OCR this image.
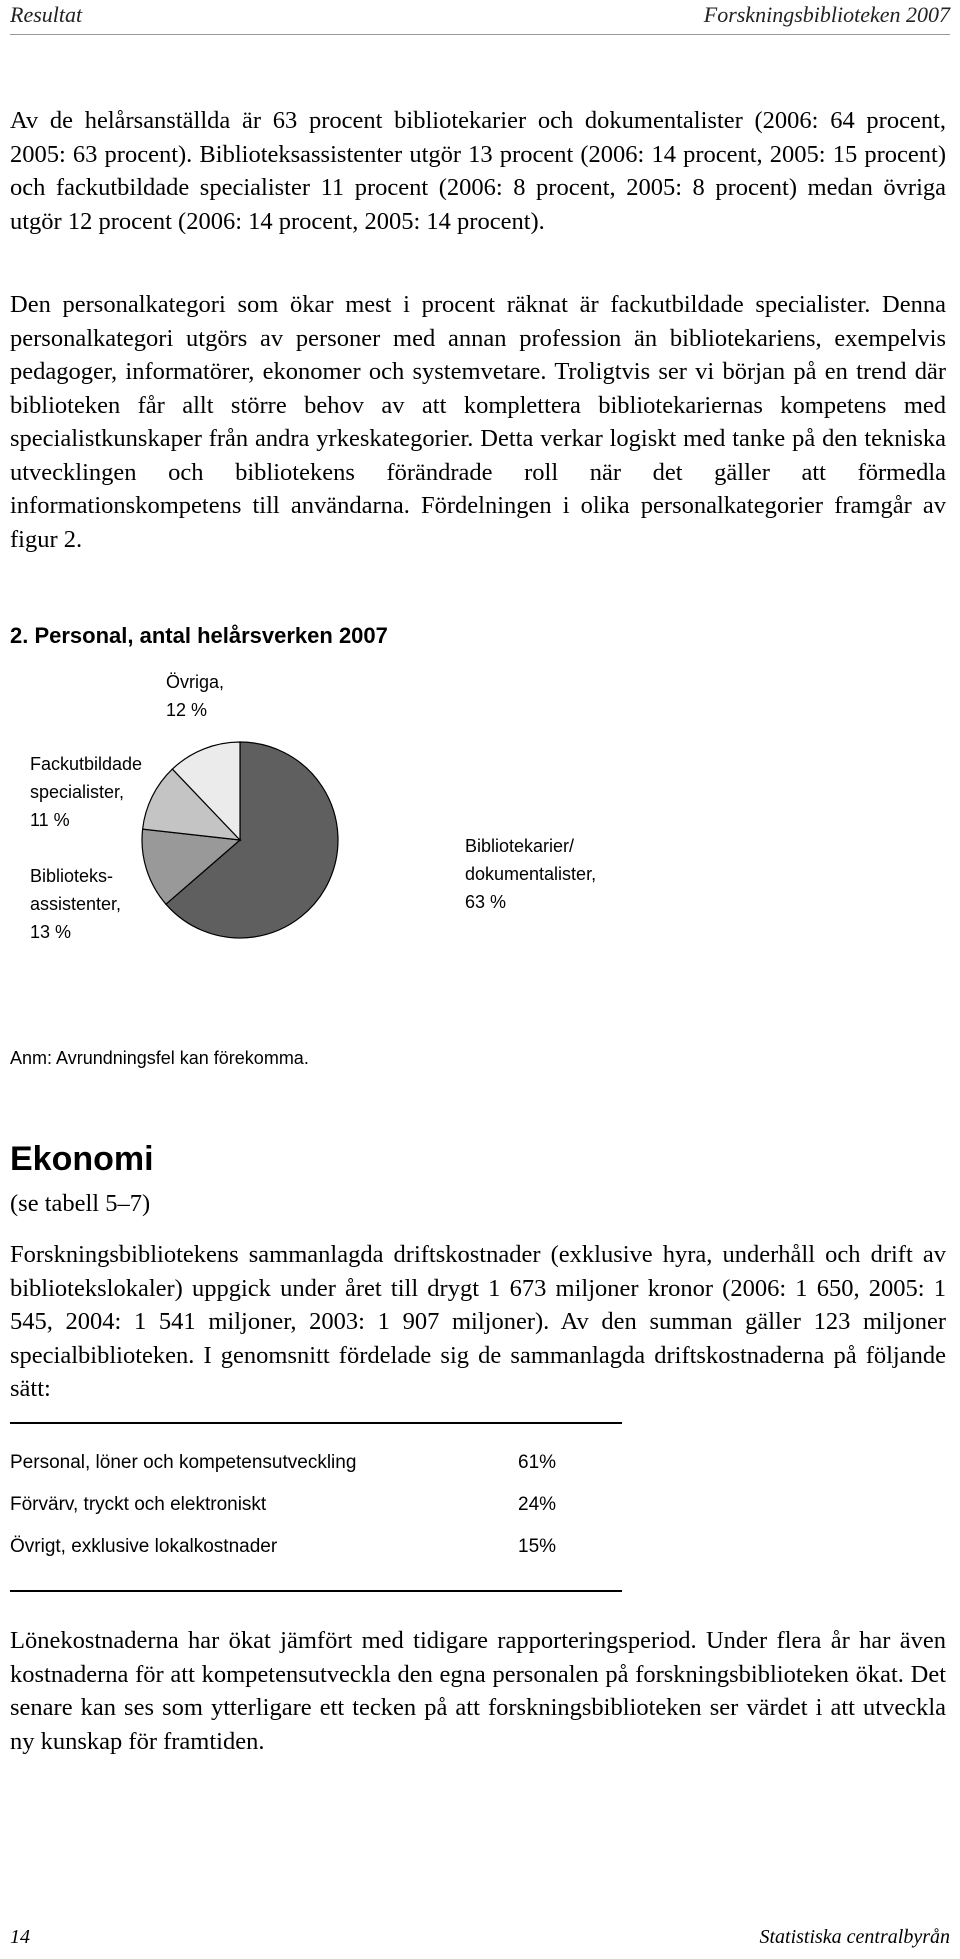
Resultat	Forskningsbiblioteken 2007

Av de helårsanställda är 63 procent bibliotekarier och dokumentalister (2006: 64 procent, 2005: 63 procent). Biblioteksassistenter utgör 13 procent (2006: 14 procent, 2005: 15 procent) och fackutbildade specialister 11 procent (2006: 8 procent, 2005: 8 procent) medan övriga utgör 12 procent (2006: 14 procent, 2005: 14 procent).

Den personalkategori som ökar mest i procent räknat är fackutbildade specialister. Denna personalkategori utgörs av personer med annan profession än bibliotekariens, exempelvis pedagoger, informatörer, ekonomer och systemvetare. Troligtvis ser vi början på en trend där biblioteken får allt större behov av att komplettera bibliotekariernas kompetens med specialistkunskaper från andra yrkeskategorier. Detta verkar logiskt med tanke på den tekniska utvecklingen och bibliotekens förändrade roll när det gäller att förmedla informationskompetens till användarna. Fördelningen i olika personalkategorier framgår av figur 2.

2. Personal, antal helårsverken 2007
Bibliotekarier/
dokumentalister,
63 %
Biblioteks-
assistenter,
13 %
Fackutbildade
specialister,
11 %
Övriga,
12 %
Anm: Avrundningsfel kan förekomma.
Ekonomi
(se tabell 5–7)

Forskningsbibliotekens sammanlagda driftskostnader (exklusive hyra, underhåll och drift av bibliotekslokaler) uppgick under året till drygt 1 673 miljoner kronor (2006: 1 650, 2005: 1 545, 2004: 1 541 miljoner, 2003: 1 907 miljoner). Av den summan gäller 123 miljoner specialbiblioteken. I genomsnitt fördelade sig de sammanlagda driftskostnaderna på följande sätt:

Personal, löner och kompetensutveckling	61%
Förvärv, tryckt och elektroniskt	24%
Övrigt, exklusive lokalkostnader	15%

Lönekostnaderna har ökat jämfört med tidigare rapporteringsperiod. Under flera år har även kostnaderna för att kompetensutveckla den egna personalen på forskningsbiblioteken ökat. Det senare kan ses som ytterligare ett tecken på att forskningsbiblioteken ser värdet i att utveckla ny kunskap för framtiden.

14	Statistiska centralbyrån
